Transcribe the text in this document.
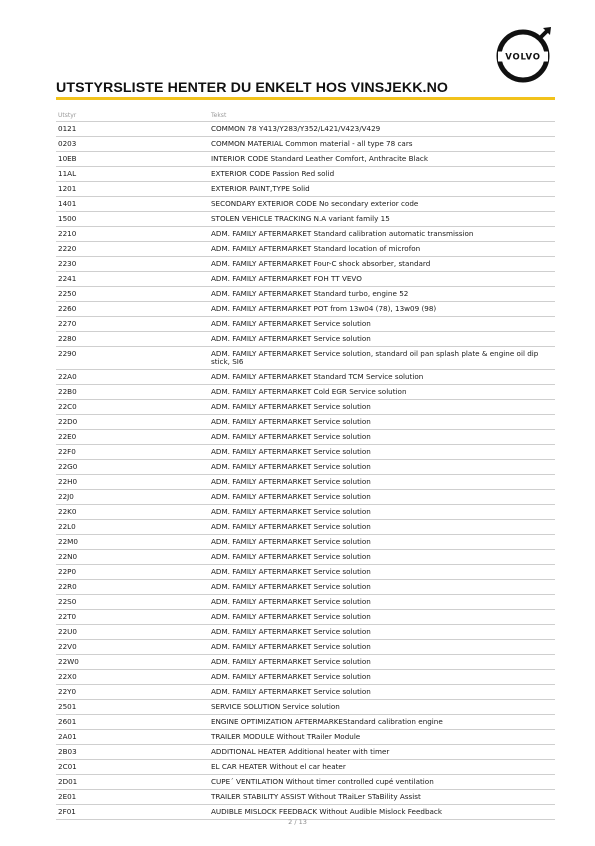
VOLVO
UTSTYRSLISTE HENTER DU ENKELT HOS VINSJEKK.NO
Utstyr	Tekst
0121	COMMON 78 Y413/Y283/Y352/L421/V423/V429
0203	COMMON MATERIAL Common material - all type 78 cars
10EB	INTERIOR CODE Standard Leather Comfort, Anthracite Black
11AL	EXTERIOR CODE Passion Red solid
1201	EXTERIOR PAINT,TYPE Solid
1401	SECONDARY EXTERIOR CODE No secondary exterior code
1500	STOLEN VEHICLE TRACKING N.A variant family 15
2210	ADM. FAMILY AFTERMARKET Standard calibration automatic transmission
2220	ADM. FAMILY AFTERMARKET Standard location of microfon
2230	ADM. FAMILY AFTERMARKET Four-C shock absorber, standard
2241	ADM. FAMILY AFTERMARKET FOH TT VEVO
2250	ADM. FAMILY AFTERMARKET Standard turbo, engine 52
2260	ADM. FAMILY AFTERMARKET POT from 13w04 (78), 13w09 (98)
2270	ADM. FAMILY AFTERMARKET Service solution
2280	ADM. FAMILY AFTERMARKET Service solution
2290	ADM. FAMILY AFTERMARKET Service solution, standard oil pan splash plate & engine oil dip stick, SI6
22A0	ADM. FAMILY AFTERMARKET Standard TCM Service solution
22B0	ADM. FAMILY AFTERMARKET Cold EGR Service solution
22C0	ADM. FAMILY AFTERMARKET Service solution
22D0	ADM. FAMILY AFTERMARKET Service solution
22E0	ADM. FAMILY AFTERMARKET Service solution
22F0	ADM. FAMILY AFTERMARKET Service solution
22G0	ADM. FAMILY AFTERMARKET Service solution
22H0	ADM. FAMILY AFTERMARKET Service solution
22J0	ADM. FAMILY AFTERMARKET Service solution
22K0	ADM. FAMILY AFTERMARKET Service solution
22L0	ADM. FAMILY AFTERMARKET Service solution
22M0	ADM. FAMILY AFTERMARKET Service solution
22N0	ADM. FAMILY AFTERMARKET Service solution
22P0	ADM. FAMILY AFTERMARKET Service solution
22R0	ADM. FAMILY AFTERMARKET Service solution
22S0	ADM. FAMILY AFTERMARKET Service solution
22T0	ADM. FAMILY AFTERMARKET Service solution
22U0	ADM. FAMILY AFTERMARKET Service solution
22V0	ADM. FAMILY AFTERMARKET Service solution
22W0	ADM. FAMILY AFTERMARKET Service solution
22X0	ADM. FAMILY AFTERMARKET Service solution
22Y0	ADM. FAMILY AFTERMARKET Service solution
2501	SERVICE SOLUTION Service solution
2601	ENGINE OPTIMIZATION AFTERMARKEStandard calibration engine
2A01	TRAILER MODULE Without TRailer Module
2B03	ADDITIONAL HEATER Additional heater with timer
2C01	EL CAR HEATER Without el car heater
2D01	CUPE´ VENTILATION Without timer controlled cupé ventilation
2E01	TRAILER STABILITY ASSIST Without TRaiLer STaBility Assist
2F01	AUDIBLE MISLOCK FEEDBACK Without Audible Mislock Feedback
2 / 13
